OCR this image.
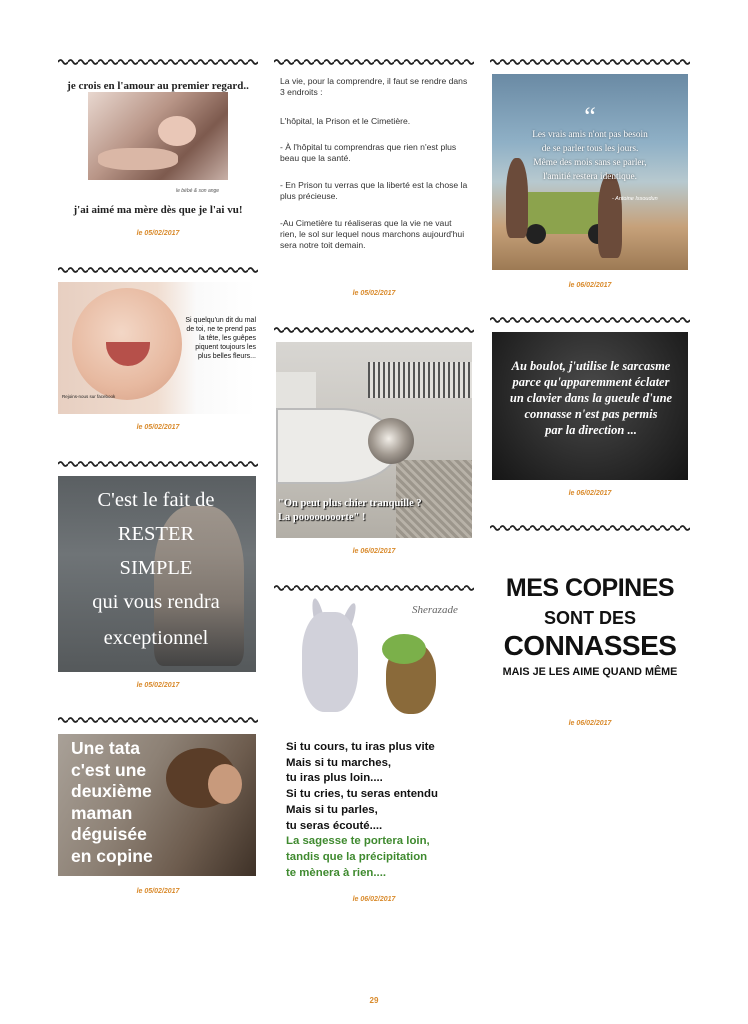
je crois en l'amour au premier regard..
le bébé & son ange
j'ai aimé ma mère dès que je l'ai vu!
le 05/02/2017
Si quelqu'un dit du mal de toi, ne te prend pas la tête, les guêpes piquent toujours les plus belles fleurs...
Rejoins-nous sur facebook
le 05/02/2017
C'est le fait de
RESTER
SIMPLE
qui vous rendra
exceptionnel
le 05/02/2017
Une tata
c'est une
deuxième
maman
déguisée
en copine
le 05/02/2017
La vie, pour la comprendre, il faut se rendre dans 3 endroits :
L'hôpital, la Prison et le Cimetière.
- À l'hôpital tu comprendras que rien n'est plus beau que la santé.
- En Prison tu verras que la liberté est la chose la plus précieuse.
-Au Cimetière tu réaliseras que la vie ne vaut rien, le sol sur lequel nous marchons aujourd'hui sera notre toit demain.
le 05/02/2017
"On peut plus chier tranquille ?
La poooooooorte" !
le 06/02/2017
Sherazade
Si tu cours, tu iras plus vite
Mais si tu marches,
tu iras plus loin....
Si tu cries, tu seras entendu
Mais si tu parles,
tu seras écouté....
La sagesse te portera loin,
tandis que la précipitation
te mènera à rien....
le 06/02/2017
“
Les vrais amis n'ont pas besoin
de se parler tous les jours.
Même des mois sans se parler,
l'amitié restera identique.
- Antoine Issoudun
le 06/02/2017
Au boulot, j'utilise le sarcasme
parce qu'apparemment éclater
un clavier dans la gueule d'une
connasse n'est pas permis
par la direction ...
le 06/02/2017
MES COPINES
SONT DES
CONNASSES
MAIS JE LES AIME QUAND MÊME
le 06/02/2017
29
